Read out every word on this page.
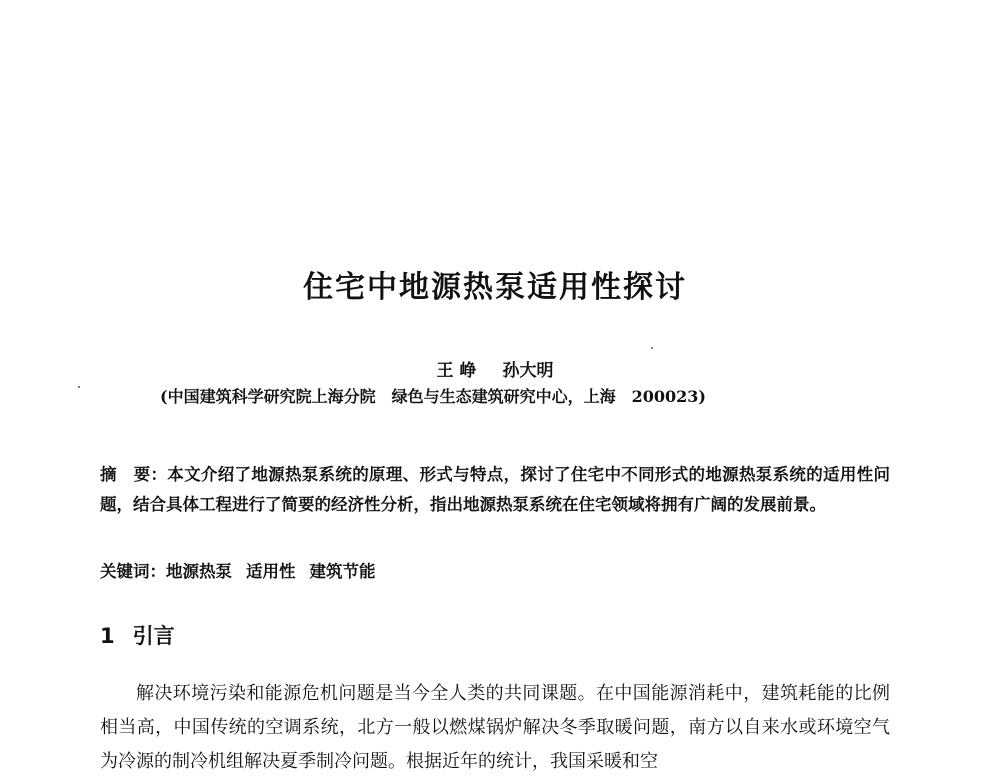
住宅中地源热泵适用性探讨
王 峥 孙大明
(中国建筑科学研究院上海分院　绿色与生态建筑研究中心，上海　200023)
摘　要：本文介绍了地源热泵系统的原理、形式与特点，探讨了住宅中不同形式的地源热泵系统的适用性问题，结合具体工程进行了简要的经济性分析，指出地源热泵系统在住宅领域将拥有广阔的发展前景。
关键词：地源热泵 适用性 建筑节能
1 引言
解决环境污染和能源危机问题是当今全人类的共同课题。在中国能源消耗中，建筑耗能的比例相当高，中国传统的空调系统，北方一般以燃煤锅炉解决冬季取暖问题，南方以自来水或环境空气为冷源的制冷机组解决夏季制冷问题。根据近年的统计，我国采暖和空
